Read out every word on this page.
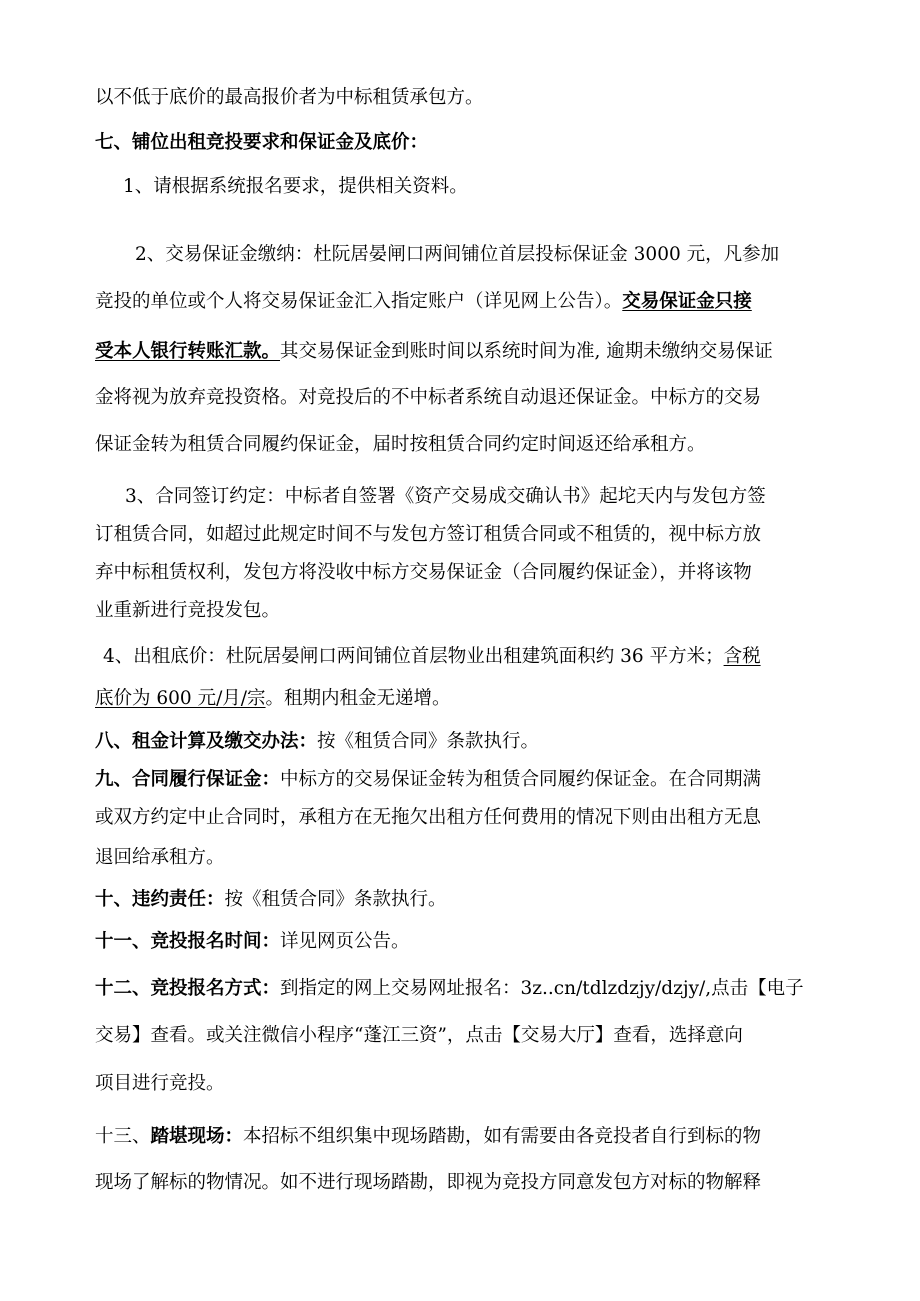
以不低于底价的最高报价者为中标租赁承包方。
七、铺位出租竞投要求和保证金及底价：
1、请根据系统报名要求，提供相关资料。
2、交易保证金缴纳：杜阮居晏闸口两间铺位首层投标保证金 3000 元，凡参加
竞投的单位或个人将交易保证金汇入指定账户（详见网上公告）。交易保证金只接
受本人银行转账汇款。其交易保证金到账时间以系统时间为准, 逾期未缴纳交易保证
金将视为放弃竞投资格。对竞投后的不中标者系统自动退还保证金。中标方的交易
保证金转为租赁合同履约保证金，届时按租赁合同约定时间返还给承租方。
3、合同签订约定：中标者自签署《资产交易成交确认书》起坨天内与发包方签
订租赁合同，如超过此规定时间不与发包方签订租赁合同或不租赁的，视中标方放
弃中标租赁权利，发包方将没收中标方交易保证金（合同履约保证金），并将该物
业重新进行竞投发包。
4、出租底价：杜阮居晏闸口两间铺位首层物业出租建筑面积约 36 平方米；含税
底价为 600 元/月/宗。租期内租金无递增。
八、租金计算及缴交办法：按《租赁合同》条款执行。
九、合同履行保证金：中标方的交易保证金转为租赁合同履约保证金。在合同期满
或双方约定中止合同时，承租方在无拖欠出租方任何费用的情况下则由出租方无息
退回给承租方。
十、违约责任：按《租赁合同》条款执行。
十一、竞投报名时间：详见网页公告。
十二、竞投报名方式：到指定的网上交易网址报名：3z..cn/tdlzdzjy/dzjy/,点击【电子
交易】查看。或关注微信小程序“蓬江三资”，点击【交易大厅】查看，选择意向
项目进行竞投。
十三、踏堪现场：本招标不组织集中现场踏勘，如有需要由各竞投者自行到标的物
现场了解标的物情况。如不进行现场踏勘，即视为竞投方同意发包方对标的物解释
